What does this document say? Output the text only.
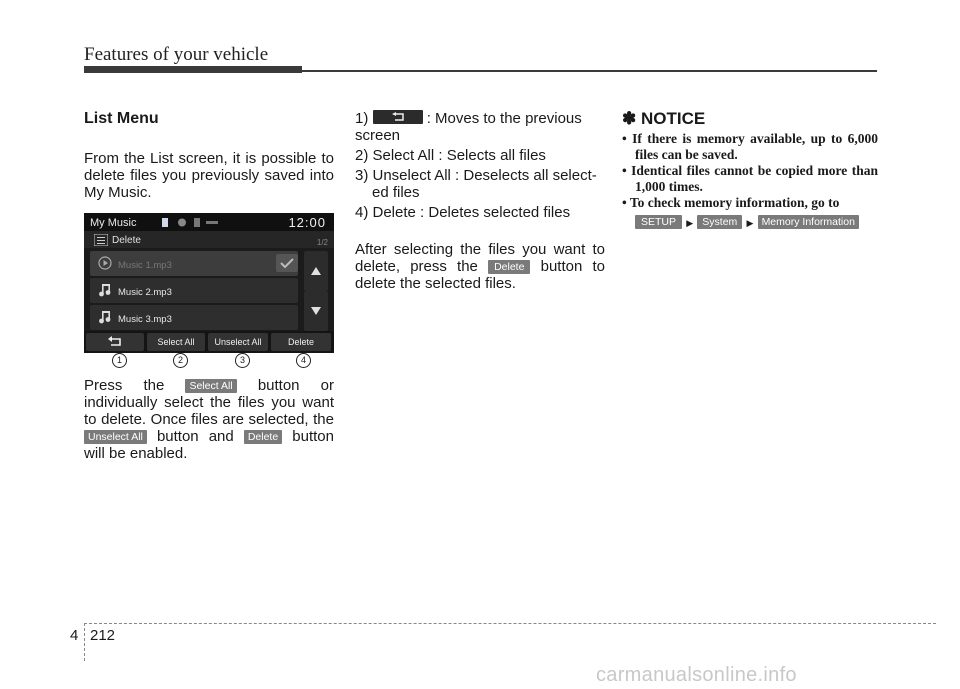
Features of your vehicle

List Menu

From the List screen, it is possible to delete files you previously saved into My Music.

My Music	12:00
Delete	1/2
Music 1.mp3
Music 2.mp3
Music 3.mp3
Select All	Unselect All	Delete
1	2	3	4

Press the Select All button or individually select the files you want to delete. Once files are selected, the Unselect All button and Delete button will be enabled.

1)	: Moves to the previous screen

2) Select All : Selects all files

3) Unselect All : Deselects all select-
ed files

4) Delete : Deletes selected files

After selecting the files you want to delete, press the Delete button to delete the selected files.

✽ NOTICE

• If there is memory available, up to 6,000 files can be saved.
• Identical files cannot be copied more than 1,000 times.
• To check memory information, go to
SETUP ▶ System ▶ Memory Information
4 212
carmanualsonline.info
